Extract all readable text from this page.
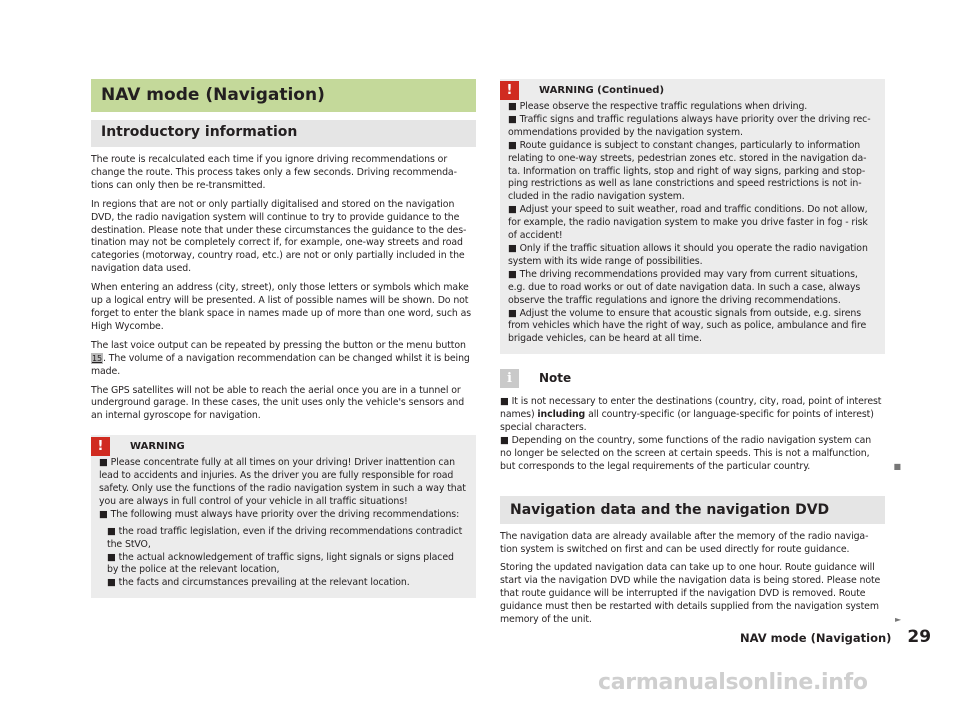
NAV mode (Navigation)
Introductory information

The route is recalculated each time if you ignore driving recommendations or change the route. This process takes only a few seconds. Driving recommenda-tions can only then be re-transmitted.

In regions that are not or only partially digitalised and stored on the navigation DVD, the radio navigation system will continue to try to provide guidance to the destination. Please note that under these circumstances the guidance to the des-tination may not be completely correct if, for example, one-way streets and road categories (motorway, country road, etc.) are not or only partially included in the navigation data used.

When entering an address (city, street), only those letters or symbols which make up a logical entry will be presented. A list of possible names will be shown. Do not forget to enter the blank space in names made up of more than one word, such as High Wycombe.

The last voice output can be repeated by pressing the button or the menu button 15. The volume of a navigation recommendation can be changed whilst it is being made.

The GPS satellites will not be able to reach the aerial once you are in a tunnel or underground garage. In these cases, the unit uses only the vehicle's sensors and an internal gyroscope for navigation.

!	WARNING
■ Please concentrate fully at all times on your driving! Driver inattention can lead to accidents and injuries. As the driver you are fully responsible for road safety. Only use the functions of the radio navigation system in such a way that you are always in full control of your vehicle in all traffic situations!
■ The following must always have priority over the driving recommendations:
■ the road traffic legislation, even if the driving recommendations contradict the StVO,
■ the actual acknowledgement of traffic signs, light signals or signs placed by the police at the relevant location,
■ the facts and circumstances prevailing at the relevant location.
!	WARNING (Continued)
■ Please observe the respective traffic regulations when driving.
■ Traffic signs and traffic regulations always have priority over the driving rec-ommendations provided by the navigation system.
■ Route guidance is subject to constant changes, particularly to information relating to one-way streets, pedestrian zones etc. stored in the navigation da-ta. Information on traffic lights, stop and right of way signs, parking and stop-ping restrictions as well as lane constrictions and speed restrictions is not in-cluded in the radio navigation system.
■ Adjust your speed to suit weather, road and traffic conditions. Do not allow, for example, the radio navigation system to make you drive faster in fog - risk of accident!
■ Only if the traffic situation allows it should you operate the radio navigation system with its wide range of possibilities.
■ The driving recommendations provided may vary from current situations, e.g. due to road works or out of date navigation data. In such a case, always observe the traffic regulations and ignore the driving recommendations.
■ Adjust the volume to ensure that acoustic signals from outside, e.g. sirens from vehicles which have the right of way, such as police, ambulance and fire brigade vehicles, can be heard at all time.
i	Note
■ It is not necessary to enter the destinations (country, city, road, point of interest names) including all country-specific (or language-specific for points of interest) special characters.
■ Depending on the country, some functions of the radio navigation system can no longer be selected on the screen at certain speeds. This is not a malfunction, but corresponds to the legal requirements of the particular country.	■
Navigation data and the navigation DVD

The navigation data are already available after the memory of the radio naviga-tion system is switched on first and can be used directly for route guidance.

Storing the updated navigation data can take up to one hour. Route guidance will start via the navigation DVD while the navigation data is being stored. Please note that route guidance will be interrupted if the navigation DVD is removed. Route guidance must then be restarted with details supplied from the navigation system memory of the unit.	►

NAV mode (Navigation) 29
carmanualsonline.info
